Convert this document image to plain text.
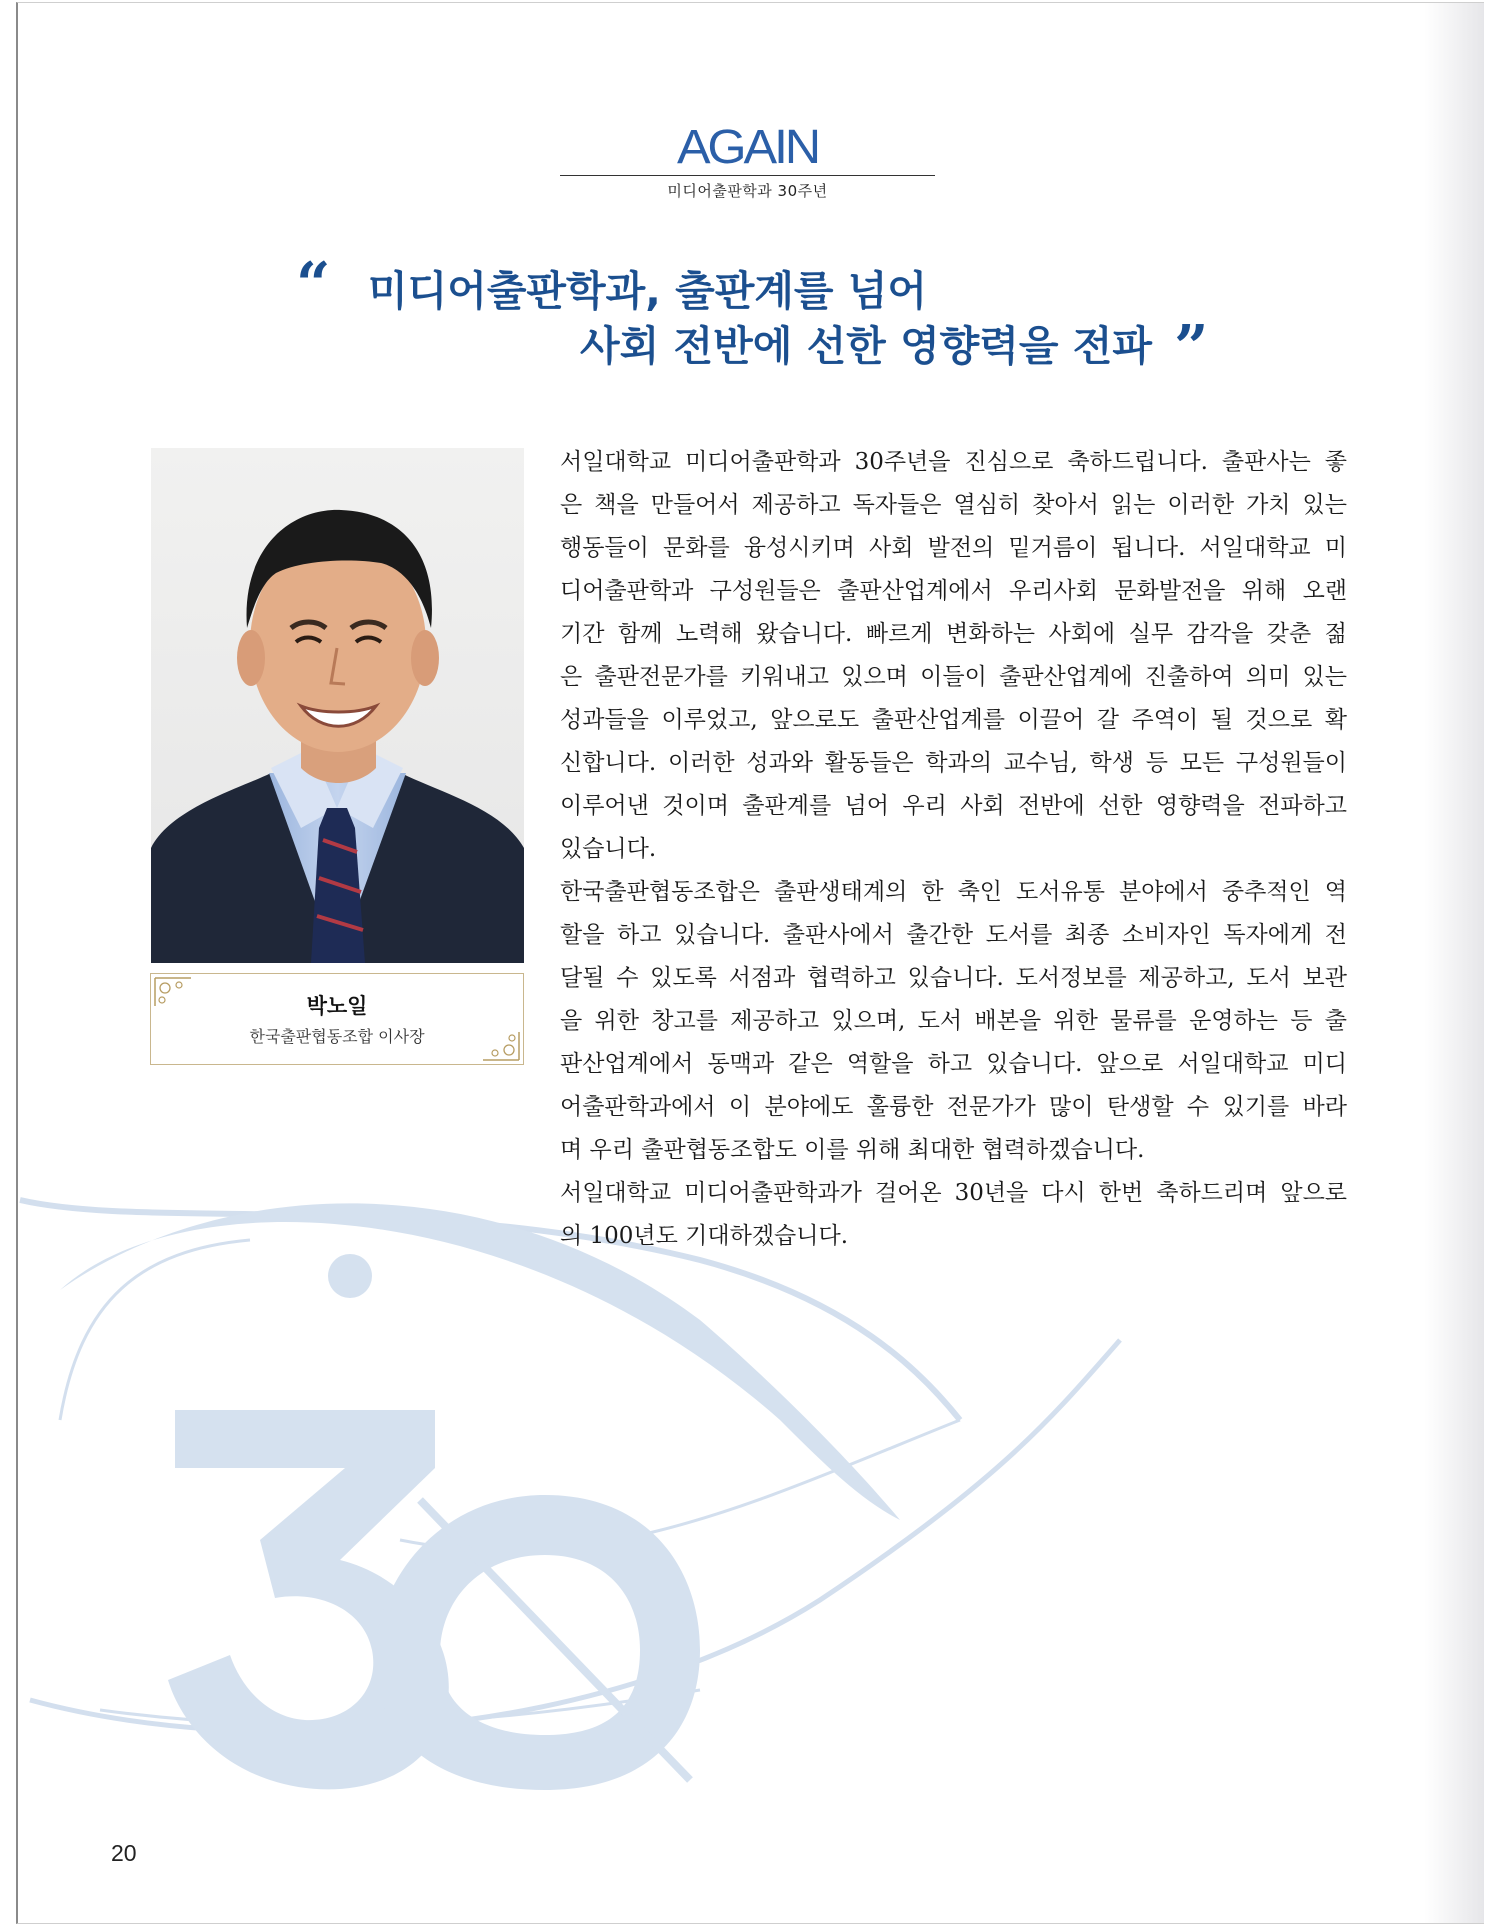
AGAIN
미디어출판학과 30주년
“ 미디어출판학과, 출판계를 넘어
사회 전반에 선한 영향력을 전파 ”
박노일
한국출판협동조합 이사장
서일대학교 미디어출판학과 30주년을 진심으로 축하드립니다. 출판사는 좋
은 책을 만들어서 제공하고 독자들은 열심히 찾아서 읽는 이러한 가치 있는
행동들이 문화를 융성시키며 사회 발전의 밑거름이 됩니다. 서일대학교 미
디어출판학과 구성원들은 출판산업계에서 우리사회 문화발전을 위해 오랜
기간 함께 노력해 왔습니다. 빠르게 변화하는 사회에 실무 감각을 갖춘 젊
은 출판전문가를 키워내고 있으며 이들이 출판산업계에 진출하여 의미 있는
성과들을 이루었고, 앞으로도 출판산업계를 이끌어 갈 주역이 될 것으로 확
신합니다. 이러한 성과와 활동들은 학과의 교수님, 학생 등 모든 구성원들이
이루어낸 것이며 출판계를 넘어 우리 사회 전반에 선한 영향력을 전파하고
있습니다.
한국출판협동조합은 출판생태계의 한 축인 도서유통 분야에서 중추적인 역
할을 하고 있습니다. 출판사에서 출간한 도서를 최종 소비자인 독자에게 전
달될 수 있도록 서점과 협력하고 있습니다. 도서정보를 제공하고, 도서 보관
을 위한 창고를 제공하고 있으며, 도서 배본을 위한 물류를 운영하는 등 출
판산업계에서 동맥과 같은 역할을 하고 있습니다. 앞으로 서일대학교 미디
어출판학과에서 이 분야에도 훌륭한 전문가가 많이 탄생할 수 있기를 바라
며 우리 출판협동조합도 이를 위해 최대한 협력하겠습니다.
서일대학교 미디어출판학과가 걸어온 30년을 다시 한번 축하드리며 앞으로
의 100년도 기대하겠습니다.
20
